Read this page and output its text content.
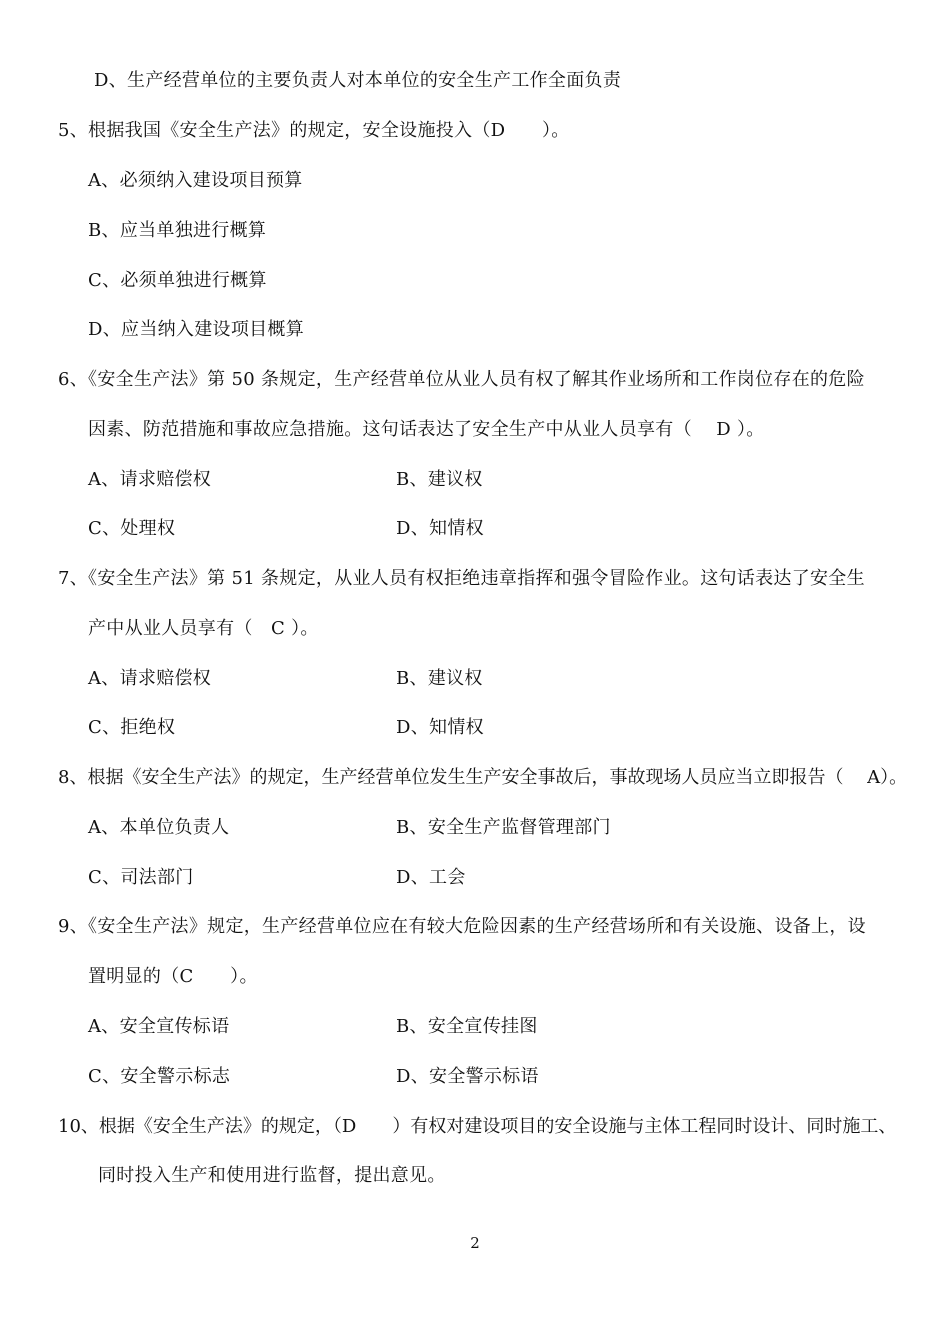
D、生产经营单位的主要负责人对本单位的安全生产工作全面负责
5、根据我国《安全生产法》的规定，安全设施投入（D　　）。
A、必须纳入建设项目预算
B、应当单独进行概算
C、必须单独进行概算
D、应当纳入建设项目概算
6、《安全生产法》第 50 条规定，生产经营单位从业人员有权了解其作业场所和工作岗位存在的危险
因素、防范措施和事故应急措施。这句话表达了安全生产中从业人员享有（　 D ）。
A、请求赔偿权	B、建议权
C、处理权	D、知情权
7、《安全生产法》第 51 条规定，从业人员有权拒绝违章指挥和强令冒险作业。这句话表达了安全生
产中从业人员享有（　C ）。
A、请求赔偿权	B、建议权
C、拒绝权	D、知情权
8、根据《安全生产法》的规定，生产经营单位发生生产安全事故后，事故现场人员应当立即报告（　 A）。
A、本单位负责人	B、安全生产监督管理部门
C、司法部门	D、工会
9、《安全生产法》规定，生产经营单位应在有较大危险因素的生产经营场所和有关设施、设备上，设
置明显的（C　　）。
A、安全宣传标语	B、安全宣传挂图
C、安全警示标志	D、安全警示标语
10、根据《安全生产法》的规定，（D　　）有权对建设项目的安全设施与主体工程同时设计、同时施工、
同时投入生产和使用进行监督，提出意见。
2
